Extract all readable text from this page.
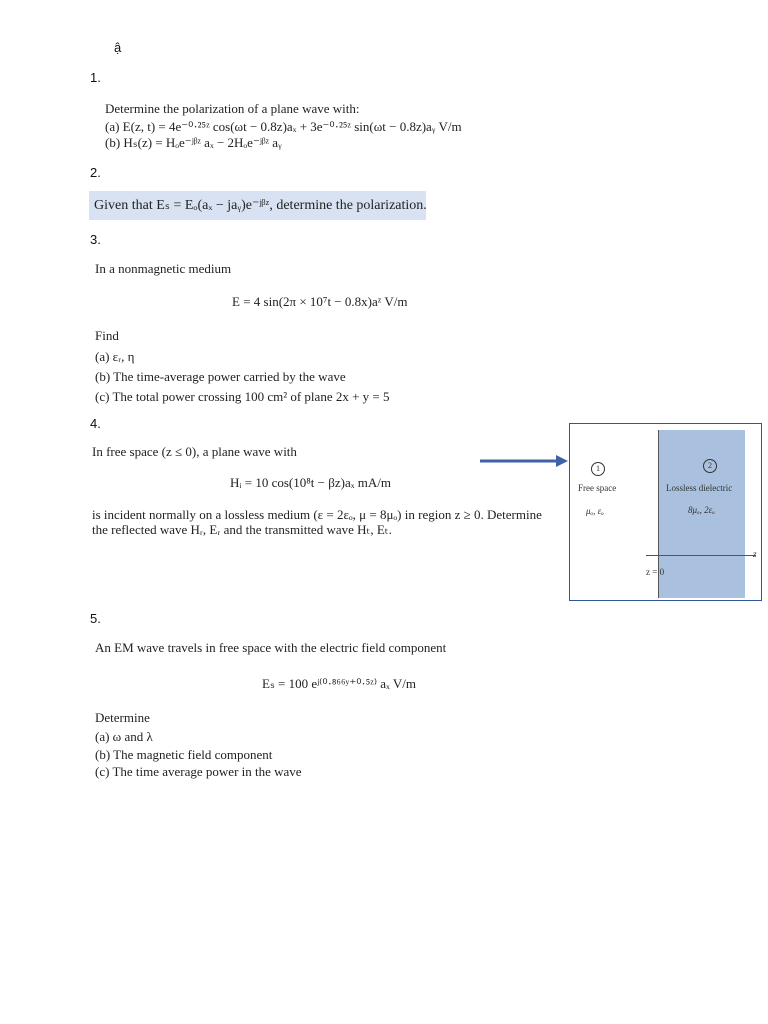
ậ
1.
Determine the polarization of a plane wave with:
(a) E(z, t) = 4e⁻⁰·²⁵ᶻ cos(ωt − 0.8z)aₓ + 3e⁻⁰·²⁵ᶻ sin(ωt − 0.8z)aᵧ V/m
(b) Hₛ(z) = Hₒe⁻ʲᵝᶻ aₓ − 2Hₒe⁻ʲᵝᶻ aᵧ
2.
Given that Eₛ = Eₒ(aₓ − jaᵧ)e⁻ʲᵝᶻ, determine the polarization.
3.
In a nonmagnetic medium
E = 4 sin(2π × 10⁷t − 0.8x)aᶻ V/m
Find
(a) εᵣ, η
(b) The time-average power carried by the wave
(c) The total power crossing 100 cm² of plane 2x + y = 5
4.
In free space (z ≤ 0), a plane wave with
Hᵢ = 10 cos(10⁸t − βz)aₓ mA/m
is incident normally on a lossless medium (ε = 2εₒ, μ = 8μₒ) in region z ≥ 0. Determine
the reflected wave Hᵣ, Eᵣ and the transmitted wave Hₜ, Eₜ.
z
z = 0
1
Free space
μₒ, εₒ
2
Lossless dielectric
8μₒ, 2εₒ
5.
An EM wave travels in free space with the electric field component
Eₛ = 100 eʲ⁽⁰·⁸⁶⁶ʸ⁺⁰·⁵ᶻ⁾ aₓ V/m
Determine
(a) ω and λ
(b) The magnetic field component
(c) The time average power in the wave
